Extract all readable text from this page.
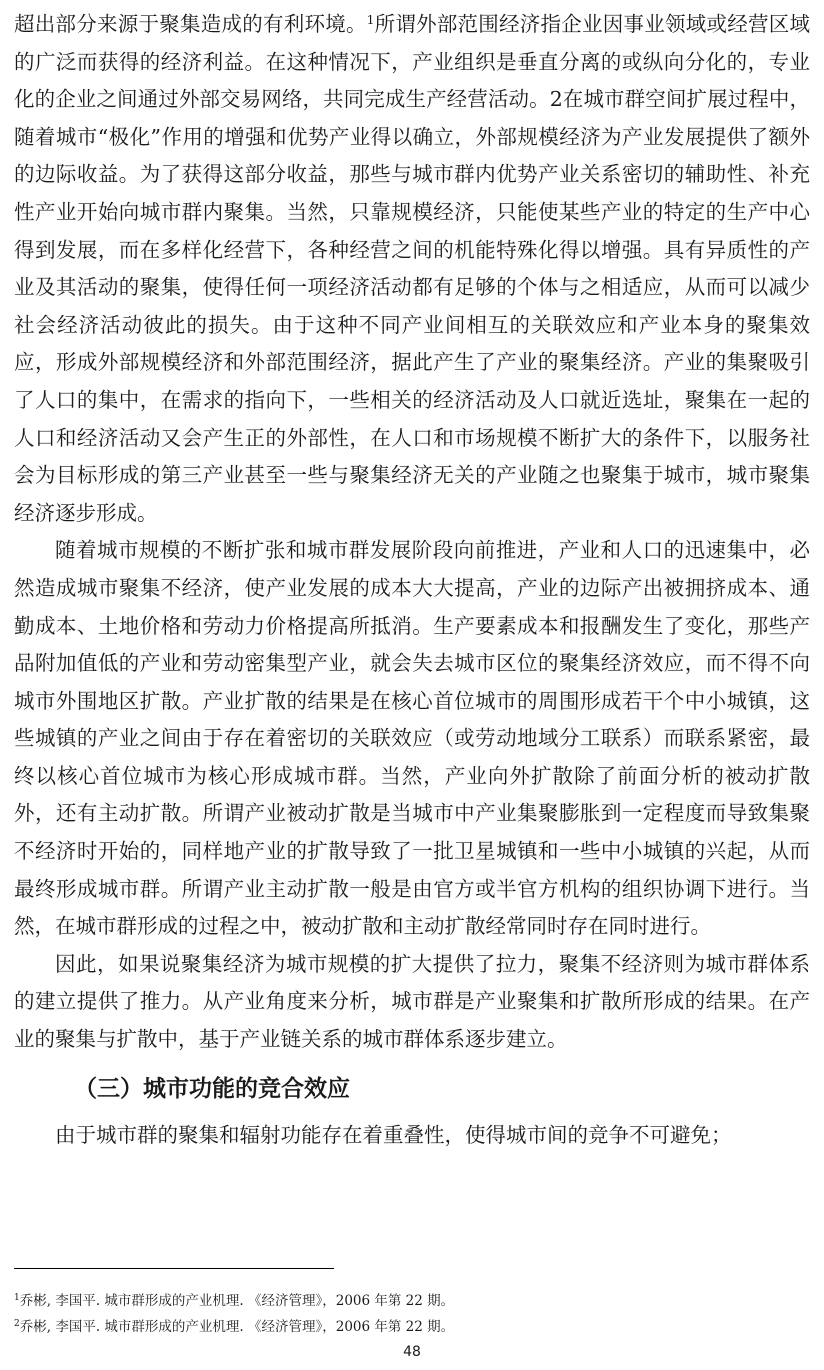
超出部分来源于聚集造成的有利环境。$^1$所谓外部范围经济指企业因事业领域或经营区域的广泛而获得的经济利益。在这种情况下，产业组织是垂直分离的或纵向分化的，专业化的企业之间通过外部交易网络，共同完成生产经营活动。2在城市群空间扩展过程中，随着城市“极化”作用的增强和优势产业得以确立，外部规模经济为产业发展提供了额外的边际收益。为了获得这部分收益，那些与城市群内优势产业关系密切的辅助性、补充性产业开始向城市群内聚集。当然，只靠规模经济，只能使某些产业的特定的生产中心得到发展，而在多样化经营下，各种经营之间的机能特殊化得以增强。具有异质性的产业及其活动的聚集，使得任何一项经济活动都有足够的个体与之相适应，从而可以减少社会经济活动彼此的损失。由于这种不同产业间相互的关联效应和产业本身的聚集效应，形成外部规模经济和外部范围经济，据此产生了产业的聚集经济。产业的集聚吸引了人口的集中，在需求的指向下，一些相关的经济活动及人口就近选址，聚集在一起的人口和经济活动又会产生正的外部性，在人口和市场规模不断扩大的条件下，以服务社会为目标形成的第三产业甚至一些与聚集经济无关的产业随之也聚集于城市，城市聚集经济逐步形成。

随着城市规模的不断扩张和城市群发展阶段向前推进，产业和人口的迅速集中，必然造成城市聚集不经济，使产业发展的成本大大提高，产业的边际产出被拥挤成本、通勤成本、土地价格和劳动力价格提高所抵消。生产要素成本和报酬发生了变化，那些产品附加值低的产业和劳动密集型产业，就会失去城市区位的聚集经济效应，而不得不向城市外围地区扩散。产业扩散的结果是在核心首位城市的周围形成若干个中小城镇，这些城镇的产业之间由于存在着密切的关联效应（或劳动地域分工联系）而联系紧密，最终以核心首位城市为核心形成城市群。当然，产业向外扩散除了前面分析的被动扩散外，还有主动扩散。所谓产业被动扩散是当城市中产业集聚膨胀到一定程度而导致集聚不经济时开始的，同样地产业的扩散导致了一批卫星城镇和一些中小城镇的兴起，从而最终形成城市群。所谓产业主动扩散一般是由官方或半官方机构的组织协调下进行。当然，在城市群形成的过程之中，被动扩散和主动扩散经常同时存在同时进行。

因此，如果说聚集经济为城市规模的扩大提供了拉力，聚集不经济则为城市群体系的建立提供了推力。从产业角度来分析，城市群是产业聚集和扩散所形成的结果。在产业的聚集与扩散中，基于产业链关系的城市群体系逐步建立。

（三）城市功能的竞合效应

由于城市群的聚集和辐射功能存在着重叠性，使得城市间的竞争不可避免；

$^1$乔彬, 李国平. 城市群形成的产业机理. 《经济管理》，2006 年第 22 期。

$^2$乔彬, 李国平. 城市群形成的产业机理. 《经济管理》，2006 年第 22 期。

48
